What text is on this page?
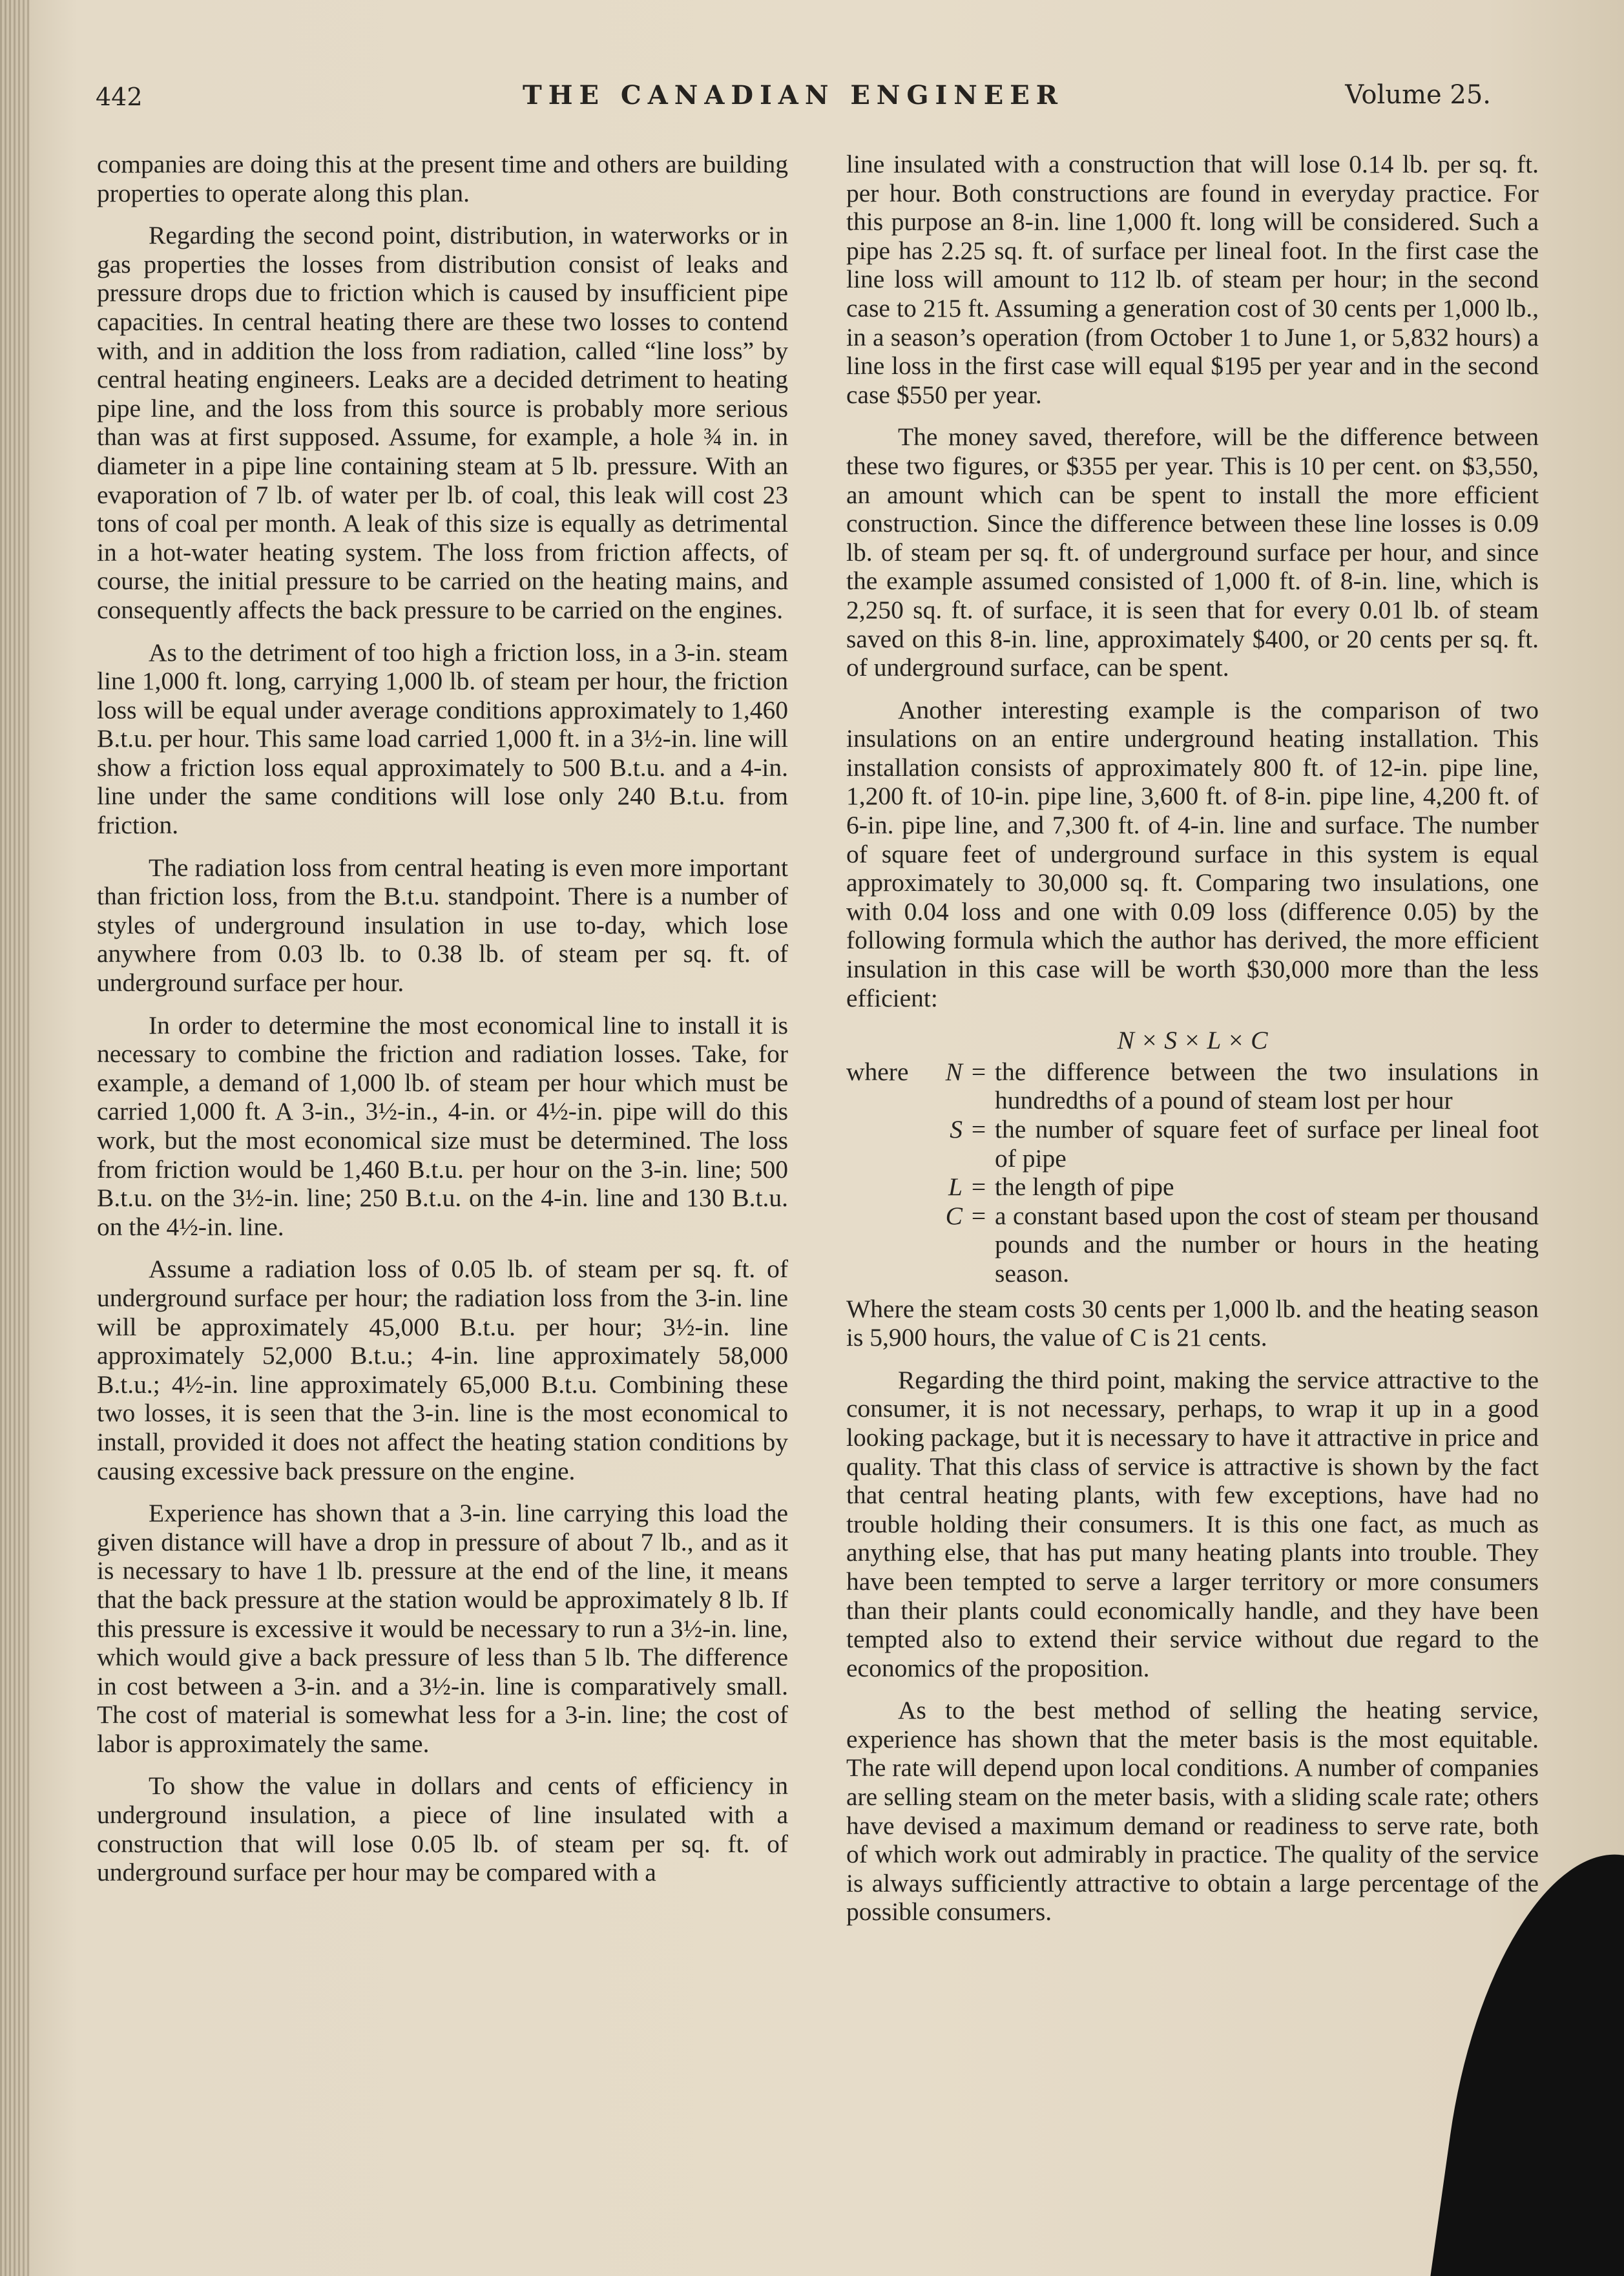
442	THE CANADIAN ENGINEER	Volume 25.

companies are doing this at the present time and others are building properties to operate along this plan.

Regarding the second point, distribution, in waterworks or in gas properties the losses from distribution consist of leaks and pressure drops due to friction which is caused by insufficient pipe capacities. In central heating there are these two losses to contend with, and in addition the loss from radiation, called “line loss” by central heating engineers. Leaks are a decided detriment to heating pipe line, and the loss from this source is probably more serious than was at first supposed. Assume, for example, a hole ¾ in. in diameter in a pipe line containing steam at 5 lb. pressure. With an evaporation of 7 lb. of water per lb. of coal, this leak will cost 23 tons of coal per month. A leak of this size is equally as detrimental in a hot-water heating system. The loss from friction affects, of course, the initial pressure to be carried on the heating mains, and consequently affects the back pressure to be carried on the engines.

As to the detriment of too high a friction loss, in a 3-in. steam line 1,000 ft. long, carrying 1,000 lb. of steam per hour, the friction loss will be equal under average conditions approximately to 1,460 B.t.u. per hour. This same load carried 1,000 ft. in a 3½-in. line will show a friction loss equal approximately to 500 B.t.u. and a 4-in. line under the same conditions will lose only 240 B.t.u. from friction.

The radiation loss from central heating is even more important than friction loss, from the B.t.u. standpoint. There is a number of styles of underground insulation in use to-day, which lose anywhere from 0.03 lb. to 0.38 lb. of steam per sq. ft. of underground surface per hour.

In order to determine the most economical line to install it is necessary to combine the friction and radiation losses. Take, for example, a demand of 1,000 lb. of steam per hour which must be carried 1,000 ft. A 3-in., 3½-in., 4-in. or 4½-in. pipe will do this work, but the most economical size must be determined. The loss from friction would be 1,460 B.t.u. per hour on the 3-in. line; 500 B.t.u. on the 3½-in. line; 250 B.t.u. on the 4-in. line and 130 B.t.u. on the 4½-in. line.

Assume a radiation loss of 0.05 lb. of steam per sq. ft. of underground surface per hour; the radiation loss from the 3-in. line will be approximately 45,000 B.t.u. per hour; 3½-in. line approximately 52,000 B.t.u.; 4-in. line approximately 58,000 B.t.u.; 4½-in. line approximately 65,000 B.t.u. Combining these two losses, it is seen that the 3-in. line is the most economical to install, provided it does not affect the heating station conditions by causing excessive back pressure on the engine.

Experience has shown that a 3-in. line carrying this load the given distance will have a drop in pressure of about 7 lb., and as it is necessary to have 1 lb. pressure at the end of the line, it means that the back pressure at the station would be approximately 8 lb. If this pressure is excessive it would be necessary to run a 3½-in. line, which would give a back pressure of less than 5 lb. The difference in cost between a 3-in. and a 3½-in. line is comparatively small. The cost of material is somewhat less for a 3-in. line; the cost of labor is approximately the same.

To show the value in dollars and cents of efficiency in underground insulation, a piece of line insulated with a construction that will lose 0.05 lb. of steam per sq. ft. of underground surface per hour may be compared with a

line insulated with a construction that will lose 0.14 lb. per sq. ft. per hour. Both constructions are found in everyday practice. For this purpose an 8-in. line 1,000 ft. long will be considered. Such a pipe has 2.25 sq. ft. of surface per lineal foot. In the first case the line loss will amount to 112 lb. of steam per hour; in the second case to 215 ft. Assuming a generation cost of 30 cents per 1,000 lb., in a season’s operation (from October 1 to June 1, or 5,832 hours) a line loss in the first case will equal $195 per year and in the second case $550 per year.

The money saved, therefore, will be the difference between these two figures, or $355 per year. This is 10 per cent. on $3,550, an amount which can be spent to install the more efficient construction. Since the difference between these line losses is 0.09 lb. of steam per sq. ft. of underground surface per hour, and since the example assumed consisted of 1,000 ft. of 8-in. line, which is 2,250 sq. ft. of surface, it is seen that for every 0.01 lb. of steam saved on this 8-in. line, approximately $400, or 20 cents per sq. ft. of underground surface, can be spent.

Another interesting example is the comparison of two insulations on an entire underground heating installation. This installation consists of approximately 800 ft. of 12-in. pipe line, 1,200 ft. of 10-in. pipe line, 3,600 ft. of 8-in. pipe line, 4,200 ft. of 6-in. pipe line, and 7,300 ft. of 4-in. line and surface. The number of square feet of underground surface in this system is equal approximately to 30,000 sq. ft. Comparing two insulations, one with 0.04 loss and one with 0.09 loss (difference 0.05) by the following formula which the author has derived, the more efficient insulation in this case will be worth $30,000 more than the less efficient:

N × S × L × C
where	N	=	the difference between the two insulations in hundredths of a pound of steam lost per hour
	S	=	the number of square feet of surface per lineal foot of pipe
	L	=	the length of pipe
	C	=	a constant based upon the cost of steam per thousand pounds and the number or hours in the heating season.

Where the steam costs 30 cents per 1,000 lb. and the heating season is 5,900 hours, the value of C is 21 cents.

Regarding the third point, making the service attractive to the consumer, it is not necessary, perhaps, to wrap it up in a good looking package, but it is necessary to have it attractive in price and quality. That this class of service is attractive is shown by the fact that central heating plants, with few exceptions, have had no trouble holding their consumers. It is this one fact, as much as anything else, that has put many heating plants into trouble. They have been tempted to serve a larger territory or more consumers than their plants could economically handle, and they have been tempted also to extend their service without due regard to the economics of the proposition.

As to the best method of selling the heating service, experience has shown that the meter basis is the most equitable. The rate will depend upon local conditions. A number of companies are selling steam on the meter basis, with a sliding scale rate; others have devised a maximum demand or readiness to serve rate, both of which work out admirably in practice. The quality of the service is always sufficiently attractive to obtain a large percentage of the possible consumers.
